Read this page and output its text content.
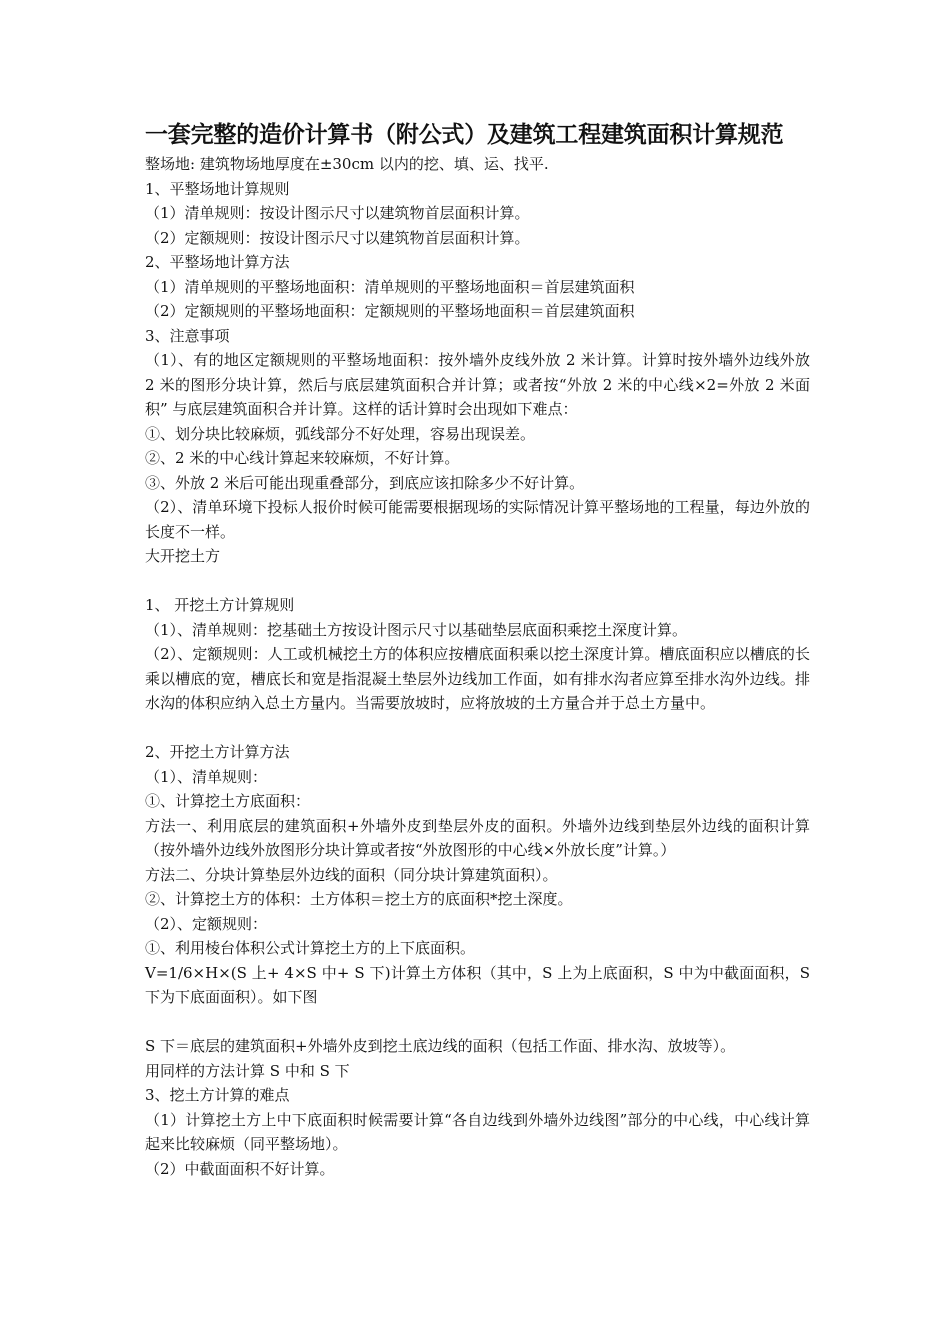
一套完整的造价计算书（附公式）及建筑工程建筑面积计算规范

整场地: 建筑物场地厚度在±30cm 以内的挖、填、运、找平.

1、平整场地计算规则

（1）清单规则：按设计图示尺寸以建筑物首层面积计算。

（2）定额规则：按设计图示尺寸以建筑物首层面积计算。

2、平整场地计算方法

（1）清单规则的平整场地面积：清单规则的平整场地面积＝首层建筑面积

（2）定额规则的平整场地面积：定额规则的平整场地面积＝首层建筑面积

3、注意事项

（1）、有的地区定额规则的平整场地面积：按外墙外皮线外放 2 米计算。计算时按外墙外边线外放 2 米的图形分块计算，然后与底层建筑面积合并计算；或者按“外放 2 米的中心线×2=外放 2 米面积” 与底层建筑面积合并计算。这样的话计算时会出现如下难点：

①、划分块比较麻烦，弧线部分不好处理，容易出现误差。

②、2 米的中心线计算起来较麻烦，不好计算。

③、外放 2 米后可能出现重叠部分，到底应该扣除多少不好计算。

（2）、清单环境下投标人报价时候可能需要根据现场的实际情况计算平整场地的工程量，每边外放的长度不一样。

大开挖土方

1、 开挖土方计算规则

（1）、清单规则：挖基础土方按设计图示尺寸以基础垫层底面积乘挖土深度计算。

（2）、定额规则：人工或机械挖土方的体积应按槽底面积乘以挖土深度计算。槽底面积应以槽底的长乘以槽底的宽，槽底长和宽是指混凝土垫层外边线加工作面，如有排水沟者应算至排水沟外边线。排水沟的体积应纳入总土方量内。当需要放坡时，应将放坡的土方量合并于总土方量中。

2、开挖土方计算方法

（1）、清单规则：

①、计算挖土方底面积：

方法一、利用底层的建筑面积+外墙外皮到垫层外皮的面积。外墙外边线到垫层外边线的面积计算（按外墙外边线外放图形分块计算或者按“外放图形的中心线×外放长度”计算。）

方法二、分块计算垫层外边线的面积（同分块计算建筑面积）。

②、计算挖土方的体积：土方体积＝挖土方的底面积*挖土深度。

（2）、定额规则：

①、利用棱台体积公式计算挖土方的上下底面积。

V=1/6×H×(S 上+ 4×S 中+ S 下)计算土方体积（其中，S 上为上底面积，S 中为中截面面积，S 下为下底面面积）。如下图

S 下＝底层的建筑面积+外墙外皮到挖土底边线的面积（包括工作面、排水沟、放坡等）。

用同样的方法计算 S 中和 S 下

3、挖土方计算的难点

（1）计算挖土方上中下底面积时候需要计算“各自边线到外墙外边线图”部分的中心线，中心线计算起来比较麻烦（同平整场地）。

（2）中截面面积不好计算。
